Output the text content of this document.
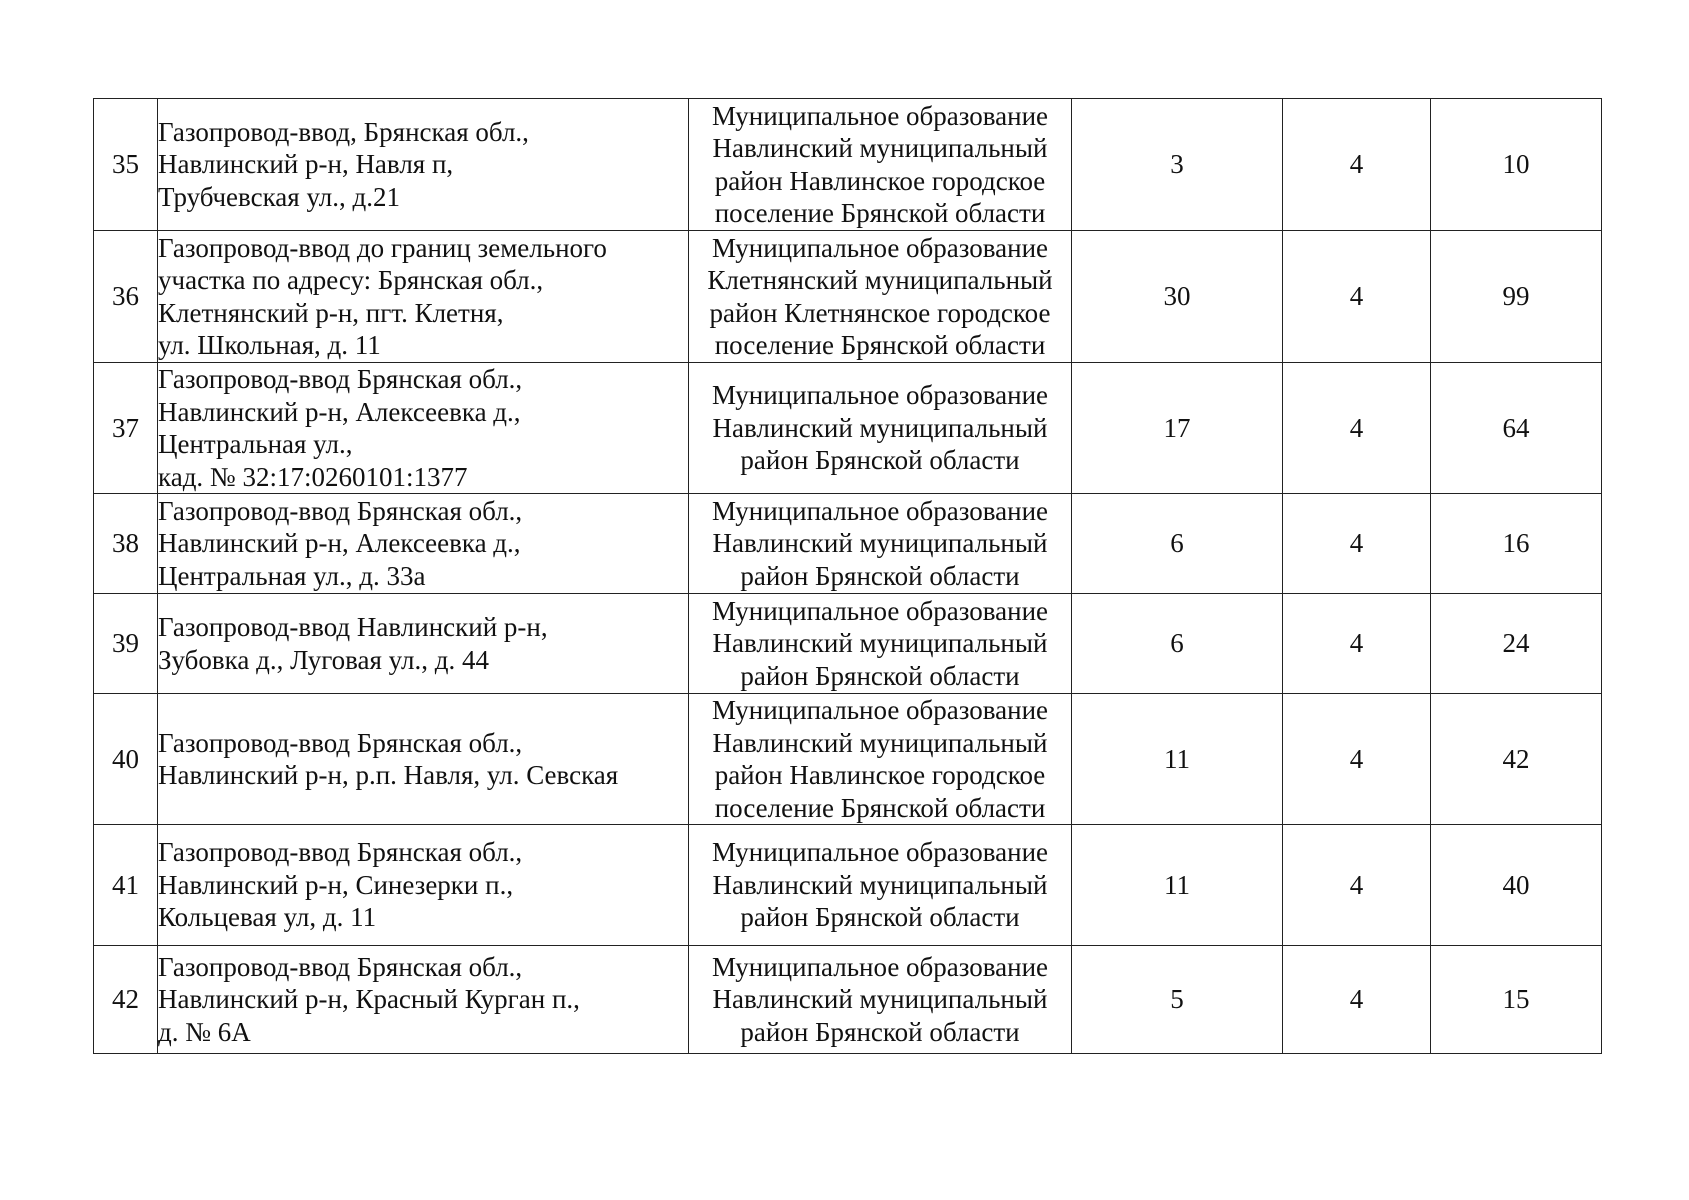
35	Газопровод-ввод, Брянская обл.,
Навлинский р-н, Навля п,
Трубчевская ул., д.21	Муниципальное образование
Навлинский муниципальный
район Навлинское городское
поселение Брянской области	3	4	10
36	Газопровод-ввод до границ земельного
участка по адресу: Брянская обл.,
Клетнянский р-н, пгт. Клетня,
ул. Школьная, д. 11	Муниципальное образование
Клетнянский муниципальный
район Клетнянское городское
поселение Брянской области	30	4	99
37	Газопровод-ввод Брянская обл.,
Навлинский р-н, Алексеевка д.,
Центральная ул.,
кад. № 32:17:0260101:1377	Муниципальное образование
Навлинский муниципальный
район Брянской области	17	4	64
38	Газопровод-ввод Брянская обл.,
Навлинский р-н, Алексеевка д.,
Центральная ул., д. 33а	Муниципальное образование
Навлинский муниципальный
район Брянской области	6	4	16
39	Газопровод-ввод Навлинский р-н,
Зубовка д., Луговая ул., д. 44	Муниципальное образование
Навлинский муниципальный
район Брянской области	6	4	24
40	Газопровод-ввод Брянская обл.,
Навлинский р-н, р.п. Навля, ул. Севская	Муниципальное образование
Навлинский муниципальный
район Навлинское городское
поселение Брянской области	11	4	42
41	Газопровод-ввод Брянская обл.,
Навлинский р-н, Синезерки п.,
Кольцевая ул, д. 11	Муниципальное образование
Навлинский муниципальный
район Брянской области	11	4	40
42	Газопровод-ввод Брянская обл.,
Навлинский р-н, Красный Курган п.,
д. № 6А	Муниципальное образование
Навлинский муниципальный
район Брянской области	5	4	15
